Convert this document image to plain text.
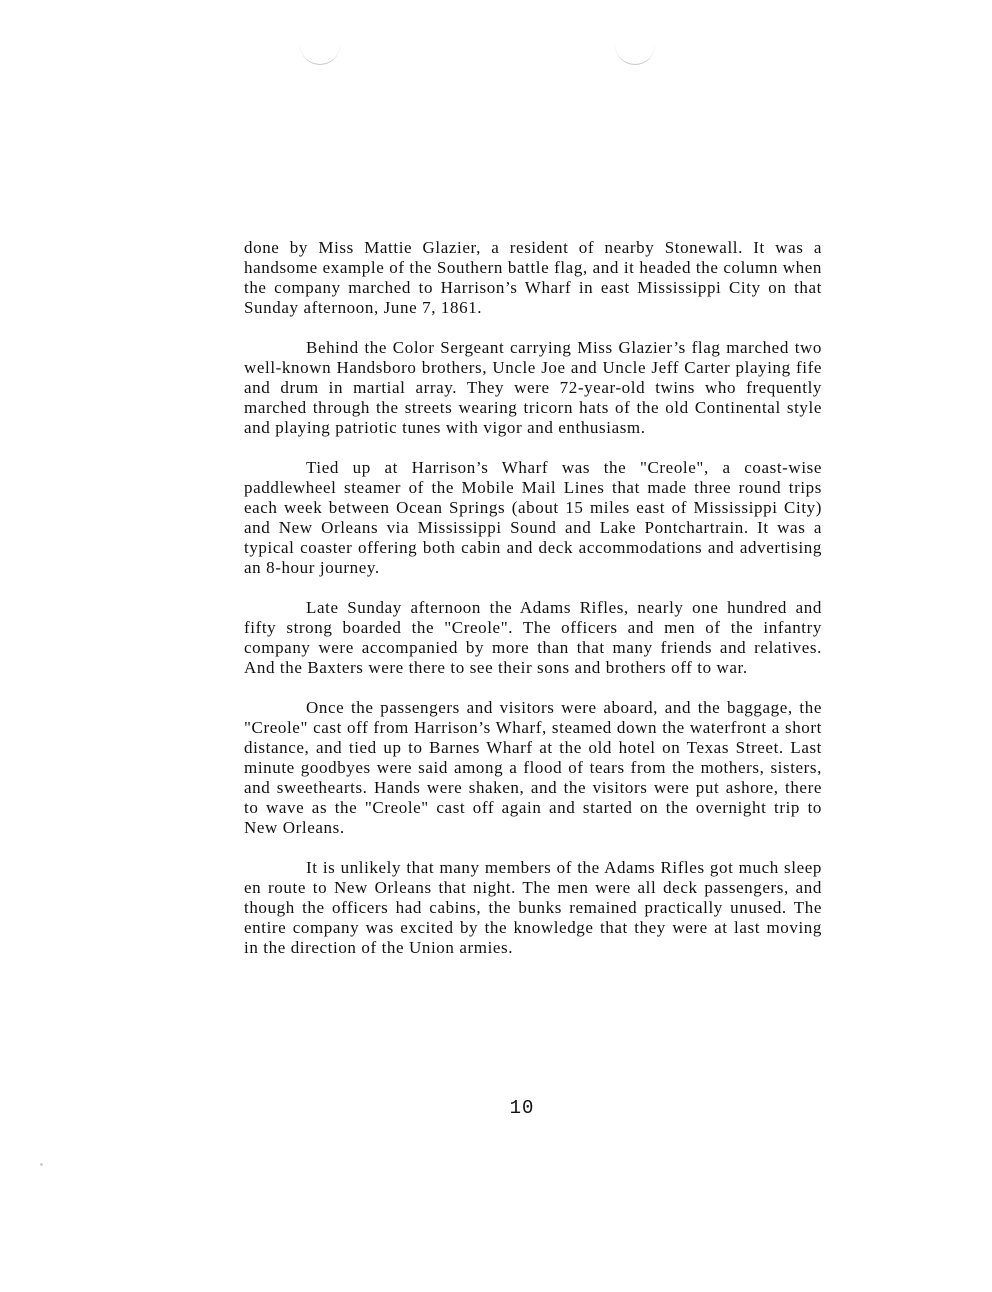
done by Miss Mattie Glazier, a resident of nearby Stonewall. It was a handsome example of the Southern battle flag, and it headed the column when the company marched to Harrison’s Wharf in east Mississippi City on that Sunday afternoon, June 7, 1861.

Behind the Color Sergeant carrying Miss Glazier’s flag marched two well-known Handsboro brothers, Uncle Joe and Uncle Jeff Carter playing fife and drum in martial array. They were 72-year-old twins who frequently marched through the streets wearing tricorn hats of the old Continental style and playing patriotic tunes with vigor and enthusiasm.

Tied up at Harrison’s Wharf was the "Creole", a coast-wise paddlewheel steamer of the Mobile Mail Lines that made three round trips each week between Ocean Springs (about 15 miles east of Mississippi City) and New Orleans via Mississippi Sound and Lake Pontchartrain. It was a typical coaster offering both cabin and deck accommodations and advertising an 8-hour journey.

Late Sunday afternoon the Adams Rifles, nearly one hundred and fifty strong boarded the "Creole". The officers and men of the infantry company were accompanied by more than that many friends and relatives. And the Baxters were there to see their sons and brothers off to war.

Once the passengers and visitors were aboard, and the baggage, the "Creole" cast off from Harrison’s Wharf, steamed down the waterfront a short distance, and tied up to Barnes Wharf at the old hotel on Texas Street. Last minute goodbyes were said among a flood of tears from the mothers, sisters, and sweethearts. Hands were shaken, and the visitors were put ashore, there to wave as the "Creole" cast off again and started on the overnight trip to New Orleans.

It is unlikely that many members of the Adams Rifles got much sleep en route to New Orleans that night. The men were all deck passengers, and though the officers had cabins, the bunks remained practically unused. The entire company was excited by the knowledge that they were at last moving in the direction of the Union armies.

10
